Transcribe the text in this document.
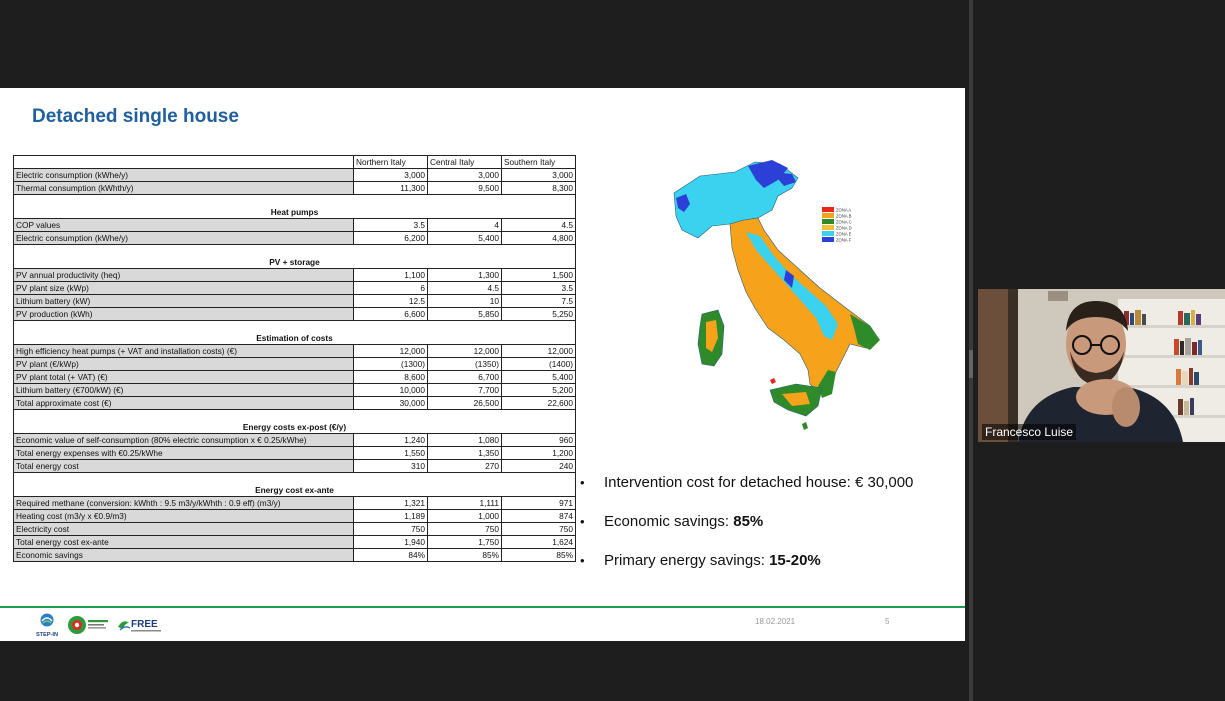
Detached single house
	Northern Italy	Central Italy	Southern Italy
Electric consumption (kWhe/y)	3,000	3,000	3,000
Thermal consumption (kWhth/y)	11,300	9,500	8,300

Heat pumps			
COP values	3.5	4	4.5
Electric consumption (kWhe/y)	6,200	5,400	4,800

PV + storage			
PV annual productivity (heq)	1,100	1,300	1,500
PV plant size (kWp)	6	4.5	3.5
Lithium battery (kW)	12.5	10	7.5
PV production (kWh)	6,600	5,850	5,250

Estimation of costs			
High efficiency heat pumps (+ VAT and installation costs) (€)	12,000	12,000	12,000
PV plant (€/kWp)	(1300)	(1350)	(1400)
PV plant total (+ VAT) (€)	8,600	6,700	5,400
Lithium battery (€700/kW) (€)	10,000	7,700	5,200
Total approximate cost (€)	30,000	26,500	22,600

Energy costs ex-post (€/y)			
Economic value of self-consumption (80% electric consumption x € 0.25/kWhe)	1,240	1,080	960
Total energy expenses with €0.25/kWhe	1,550	1,350	1,200
Total energy cost	310	270	240

Energy cost ex-ante			
Required methane (conversion: kWhth : 9.5 m3/y/kWhth : 0.9 eff) (m3/y)	1,321	1,111	971
Heating cost (m3/y x €0.9/m3)	1,189	1,000	874
Electricity cost	750	750	750
Total energy cost ex-ante	1,940	1,750	1,624
Economic savings	84%	85%	85%
ZONA A
ZONA B
ZONA C
ZONA D
ZONA E
ZONA F
• Intervention cost for detached house: € 30,000
• Economic savings: 85%
• Primary energy savings: 15-20%
STEP-IN
FREE	18.02.2021	5
Francesco Luise
